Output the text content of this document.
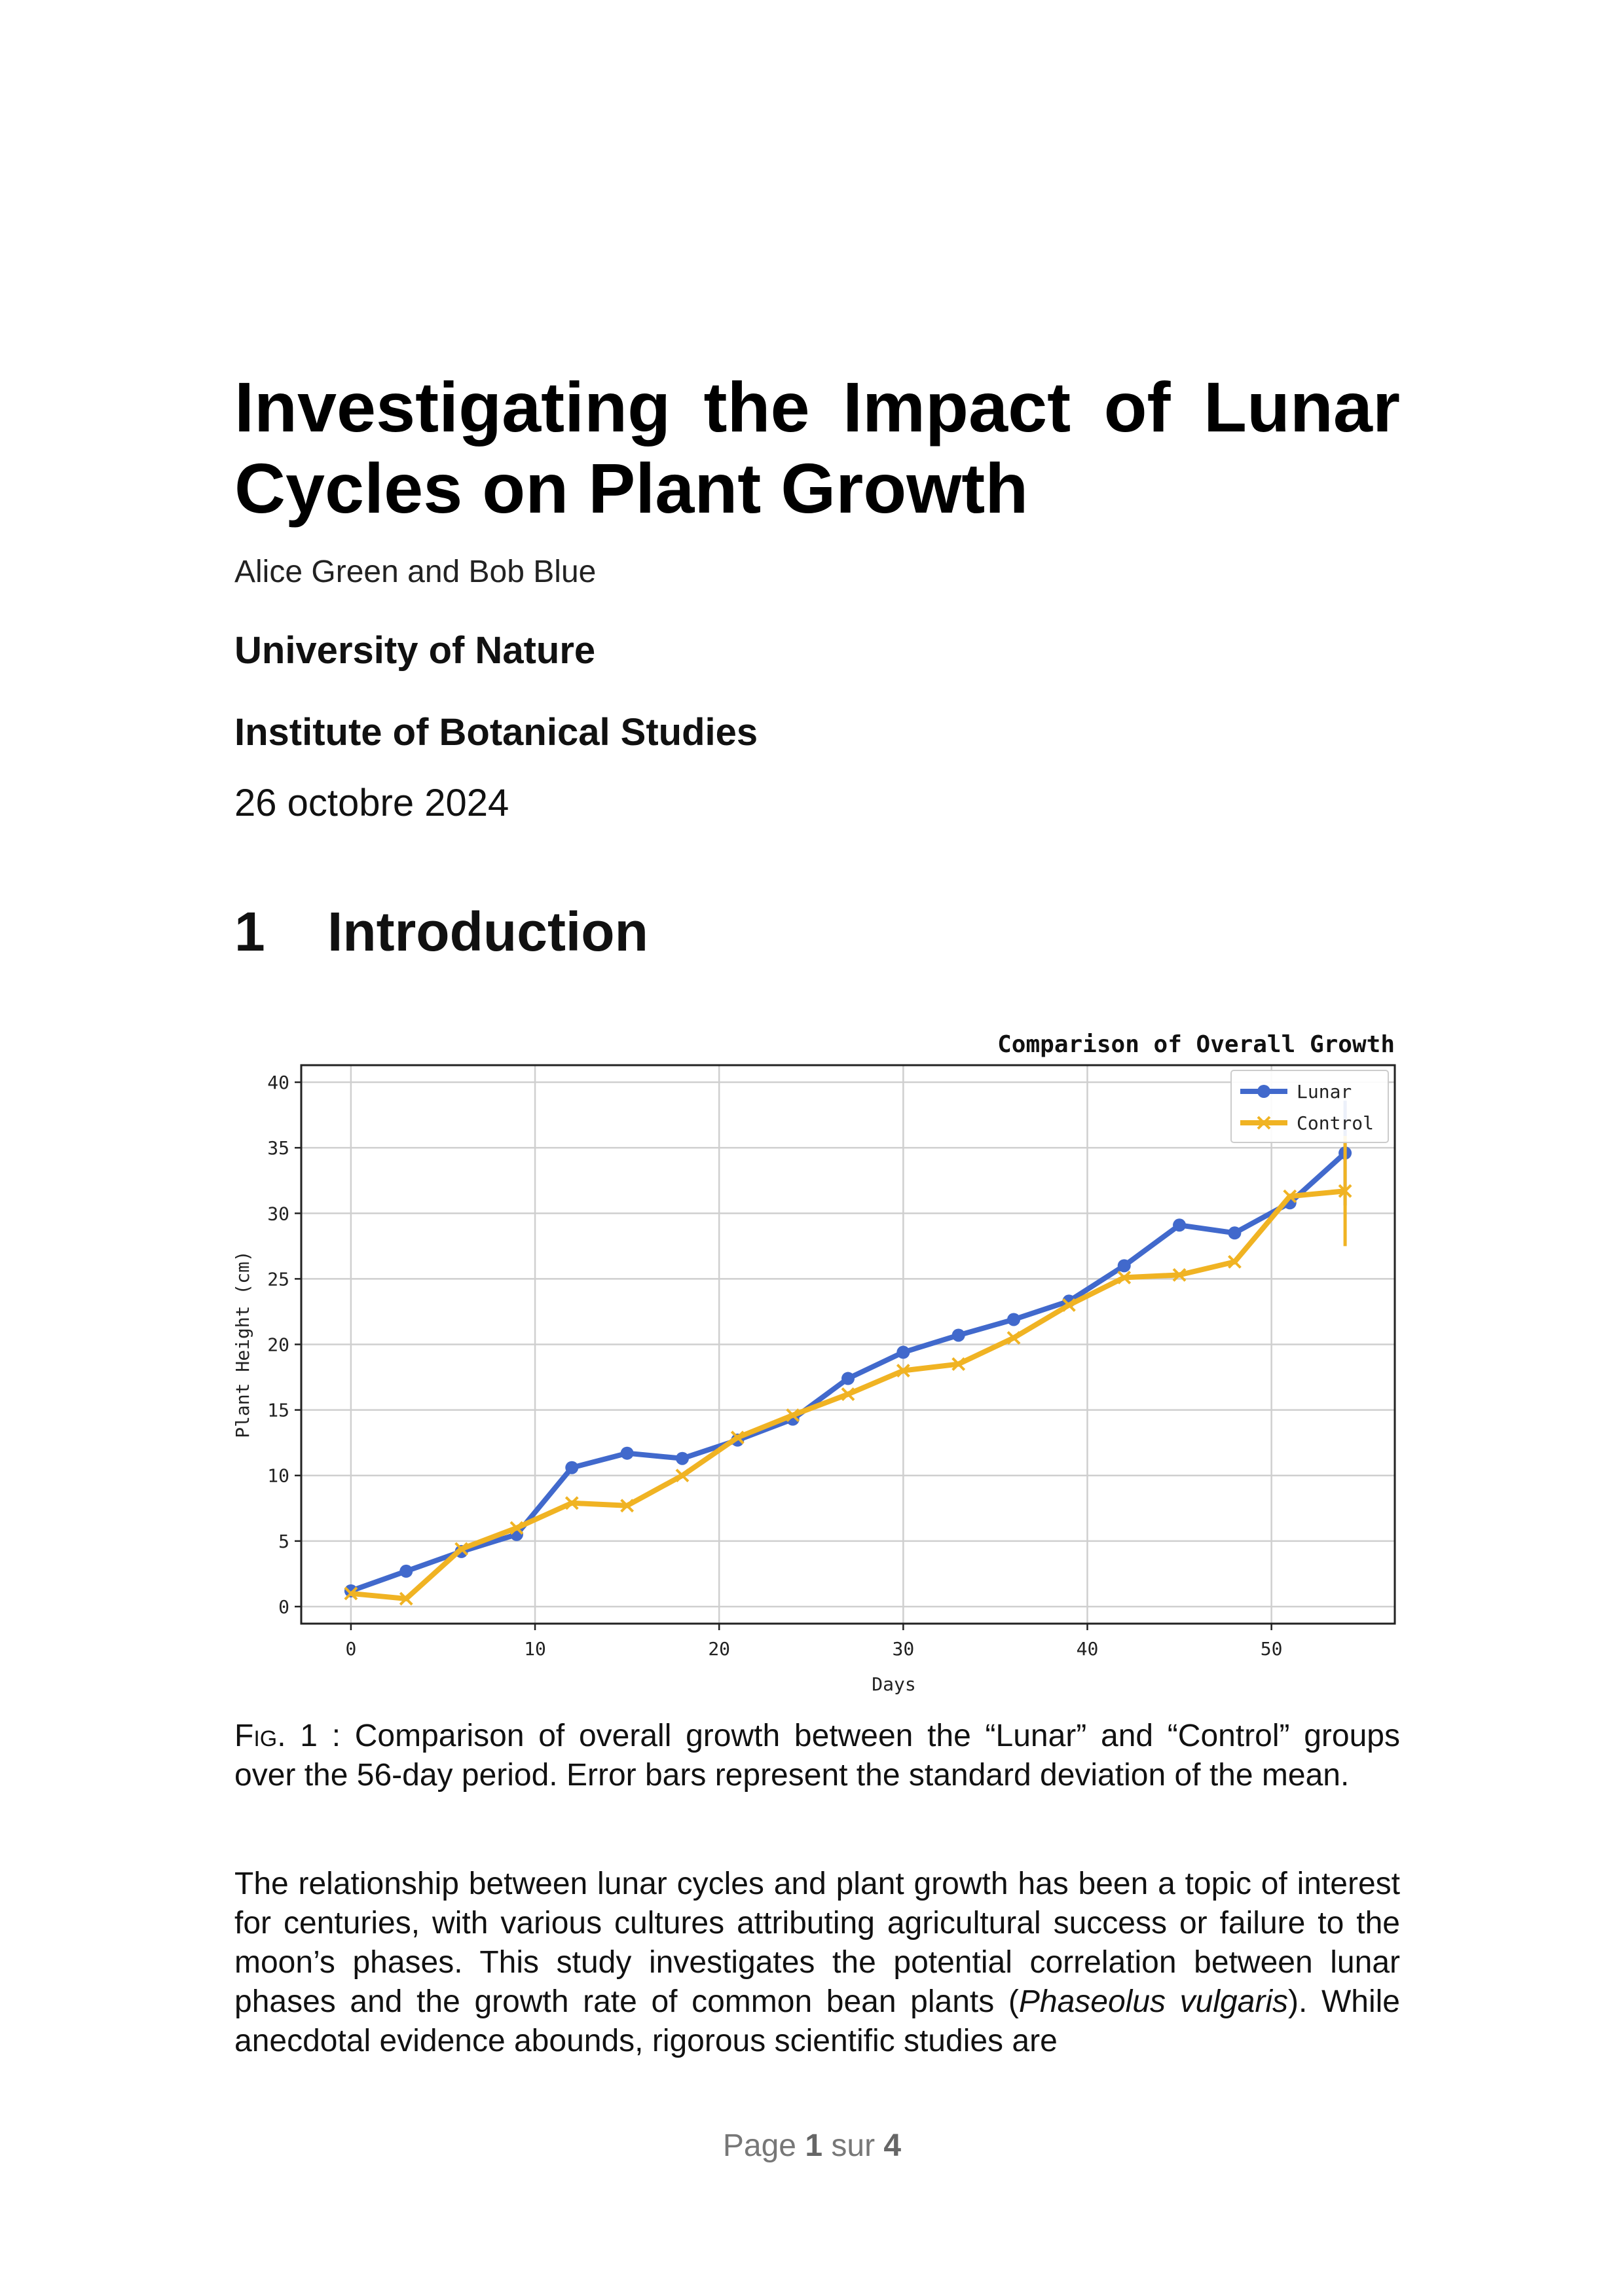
Investigating the Impact of Lunar Cycles on Plant Growth
Alice Green and Bob Blue
University of Nature
Institute of Botanical Studies
26 octobre 2024
1 Introduction
0	10	20	30	40	50
0
5
10
15
20
25
30
35
40
Comparison of Overall Growth
Days
Plant Height (cm)
Lunar
Control

Fig. 1 : Comparison of overall growth between the “Lunar” and “Control” groups over the 56-day period. Error bars represent the standard deviation of the mean.

The relationship between lunar cycles and plant growth has been a topic of interest for centuries, with various cultures attributing agricultural success or failure to the moon’s phases. This study investigates the potential correlation between lunar phases and the growth rate of common bean plants (Phaseolus vulgaris). While anecdotal evidence abounds, rigorous scientific studies are

Page 1 sur 4
